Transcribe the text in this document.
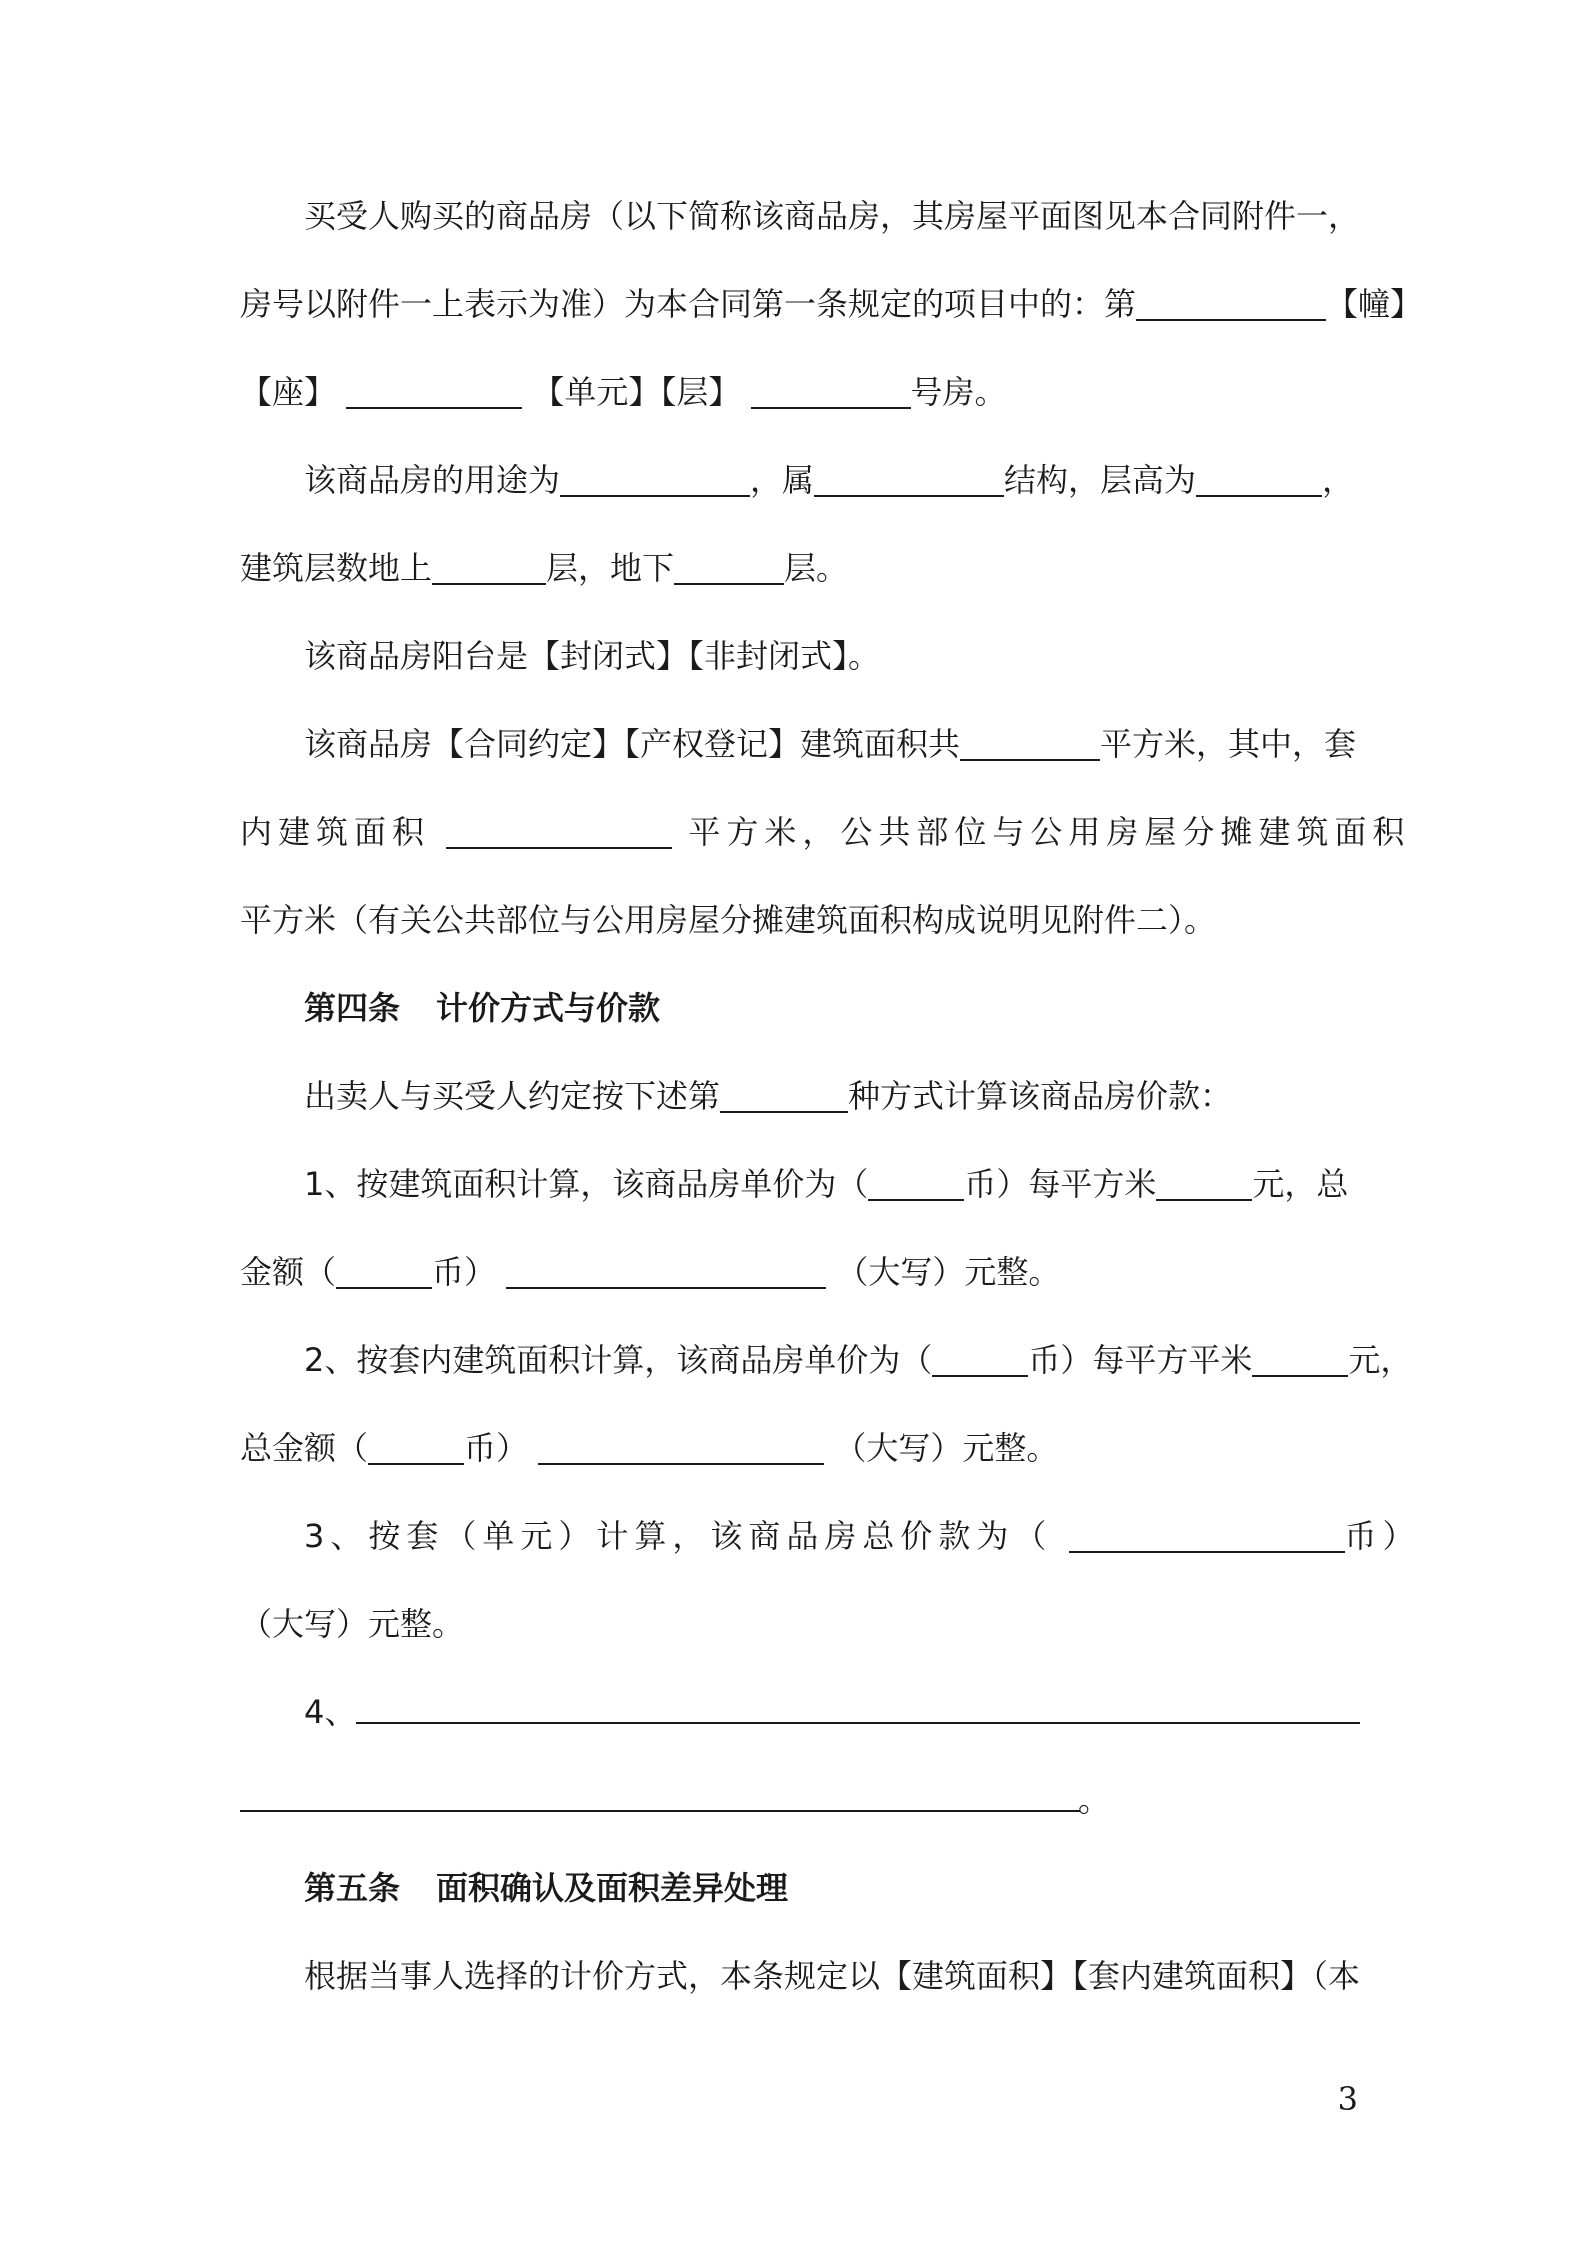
买受人购买的商品房（以下简称该商品房，其房屋平面图见本合同附件一，
房号以附件一上表示为准）为本合同第一条规定的项目中的：第	【幢】
【座】	【单元】【层】	号房。
该商品房的用途为	，属	结构，层高为	，
建筑层数地上	层，地下	层。
该商品房阳台是【封闭式】【非封闭式】。
该商品房【合同约定】【产权登记】建筑面积共	平方米，其中，套
内建筑面积	平方米，公共部位与公用房屋分摊建筑面积
平方米（有关公共部位与公用房屋分摊建筑面积构成说明见附件二）。
第四条 计价方式与价款
出卖人与买受人约定按下述第	种方式计算该商品房价款：
1、按建筑面积计算，该商品房单价为（	币）每平方米	元，总
金额（	币）	（大写）元整。
2、按套内建筑面积计算，该商品房单价为（	币）每平方平米	元，
总金额（	币）	（大写）元整。
3、按套（单元）计算，该商品房总价款为（	币）
（大写）元整。
4、
。
第五条 面积确认及面积差异处理
根据当事人选择的计价方式，本条规定以【建筑面积】【套内建筑面积】（本
3
